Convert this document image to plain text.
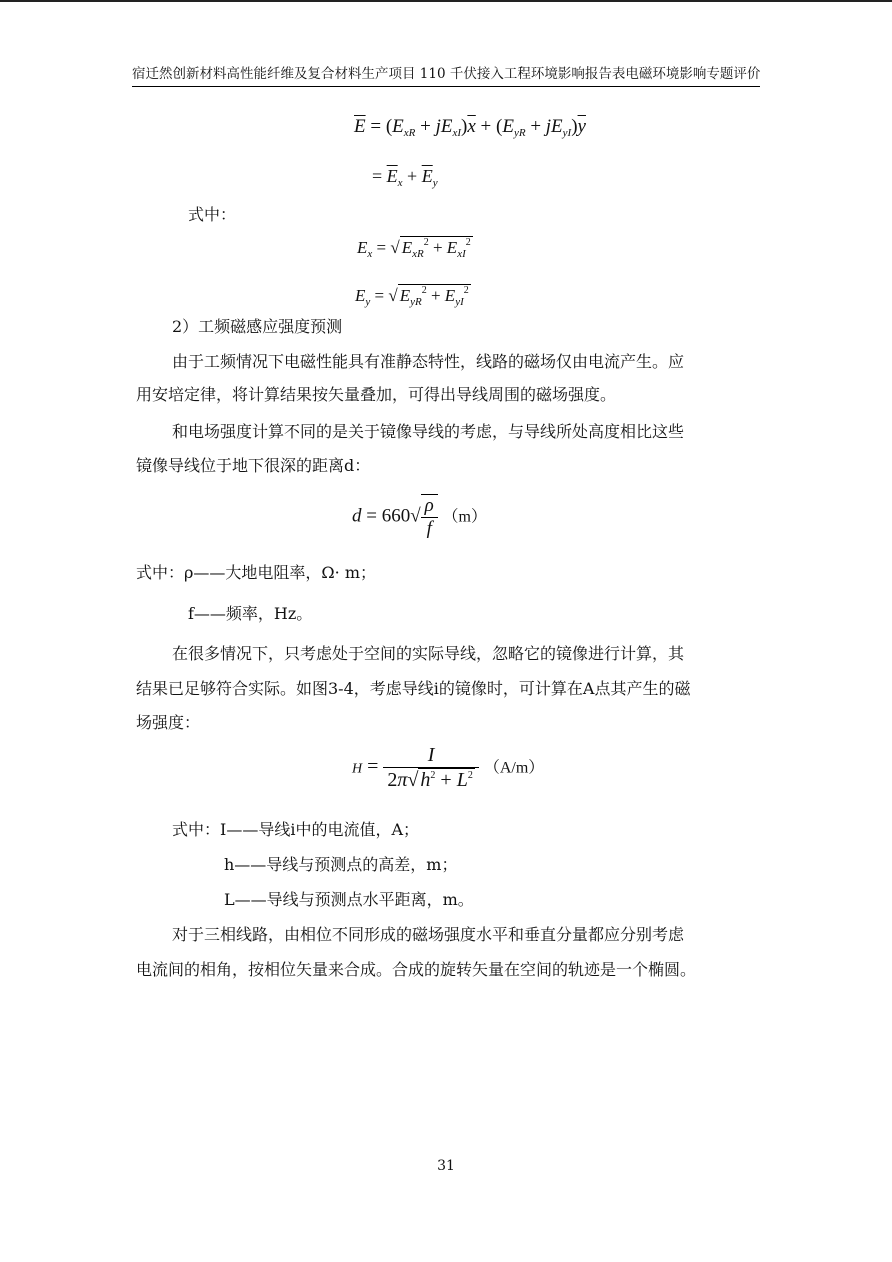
宿迁然创新材料高性能纤维及复合材料生产项目 110 千伏接入工程环境影响报告表电磁环境影响专题评价
$\overline{E} = (E_{xR} + jE_{xI})\overline{x} + (E_{yR} + jE_{yI})\overline{y}$
= $\overline{E}_x + \overline{E}_y$
式中：
$E_x$ = √ $E_{xR}^2 + E_{xI}^2$
$E_y$ = √ $E_{yR}^2 + E_{yI}^2$
2）工频磁感应强度预测
由于工频情况下电磁性能具有准静态特性，线路的磁场仅由电流产生。应
用安培定律，将计算结果按矢量叠加，可得出导线周围的磁场强度。
和电场强度计算不同的是关于镜像导线的考虑，与导线所处高度相比这些
镜像导线位于地下很深的距离d：
$d = 660√ \frac{\rho}{f} (m)$
式中：ρ——大地电阻率，Ω· m；
f——频率，Hz。
在很多情况下，只考虑处于空间的实际导线，忽略它的镜像进行计算，其
结果已足够符合实际。如图3-4，考虑导线i的镜像时，可计算在A点其产生的磁
场强度：
$H = \frac{I}{2\pi√ h^2 + L^2} (A/m)$
式中：I——导线i中的电流值，A；
h——导线与预测点的高差，m；
L——导线与预测点水平距离，m。
对于三相线路，由相位不同形成的磁场强度水平和垂直分量都应分别考虑
电流间的相角，按相位矢量来合成。合成的旋转矢量在空间的轨迹是一个椭圆。
31
